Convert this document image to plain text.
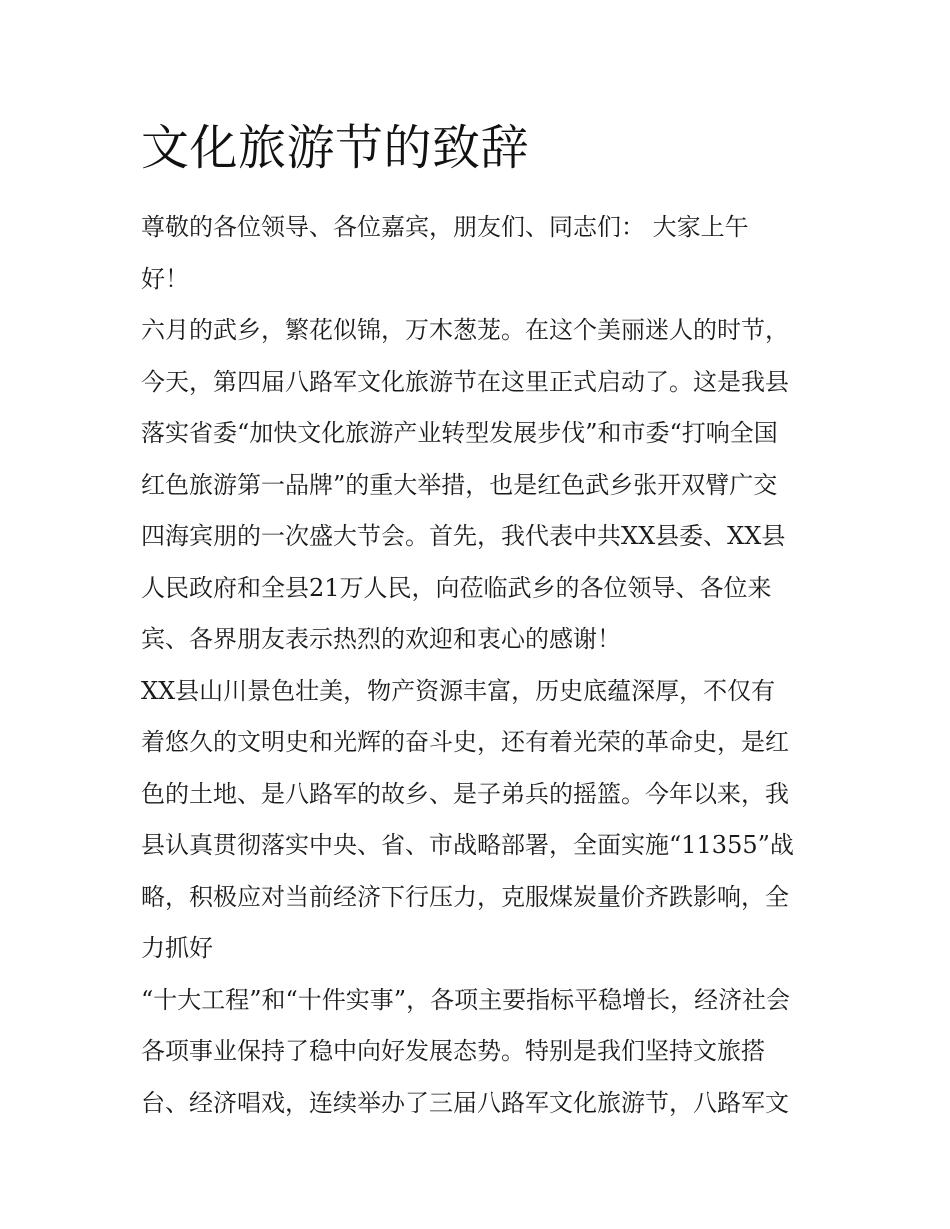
文化旅游节的致辞
尊敬的各位领导、各位嘉宾，朋友们、同志们： 大家上午
好！
六月的武乡，繁花似锦，万木葱茏。在这个美丽迷人的时节，
今天，第四届八路军文化旅游节在这里正式启动了。这是我县
落实省委“加快文化旅游产业转型发展步伐”和市委“打响全国
红色旅游第一品牌”的重大举措，也是红色武乡张开双臂广交
四海宾朋的一次盛大节会。首先，我代表中共XX县委、XX县
人民政府和全县21万人民，向莅临武乡的各位领导、各位来
宾、各界朋友表示热烈的欢迎和衷心的感谢！
XX县山川景色壮美，物产资源丰富，历史底蕴深厚，不仅有
着悠久的文明史和光辉的奋斗史，还有着光荣的革命史，是红
色的土地、是八路军的故乡、是子弟兵的摇篮。今年以来，我
县认真贯彻落实中央、省、市战略部署，全面实施“11355”战
略，积极应对当前经济下行压力，克服煤炭量价齐跌影响，全
力抓好
“十大工程”和“十件实事”，各项主要指标平稳增长，经济社会
各项事业保持了稳中向好发展态势。特别是我们坚持文旅搭
台、经济唱戏，连续举办了三届八路军文化旅游节，八路军文
